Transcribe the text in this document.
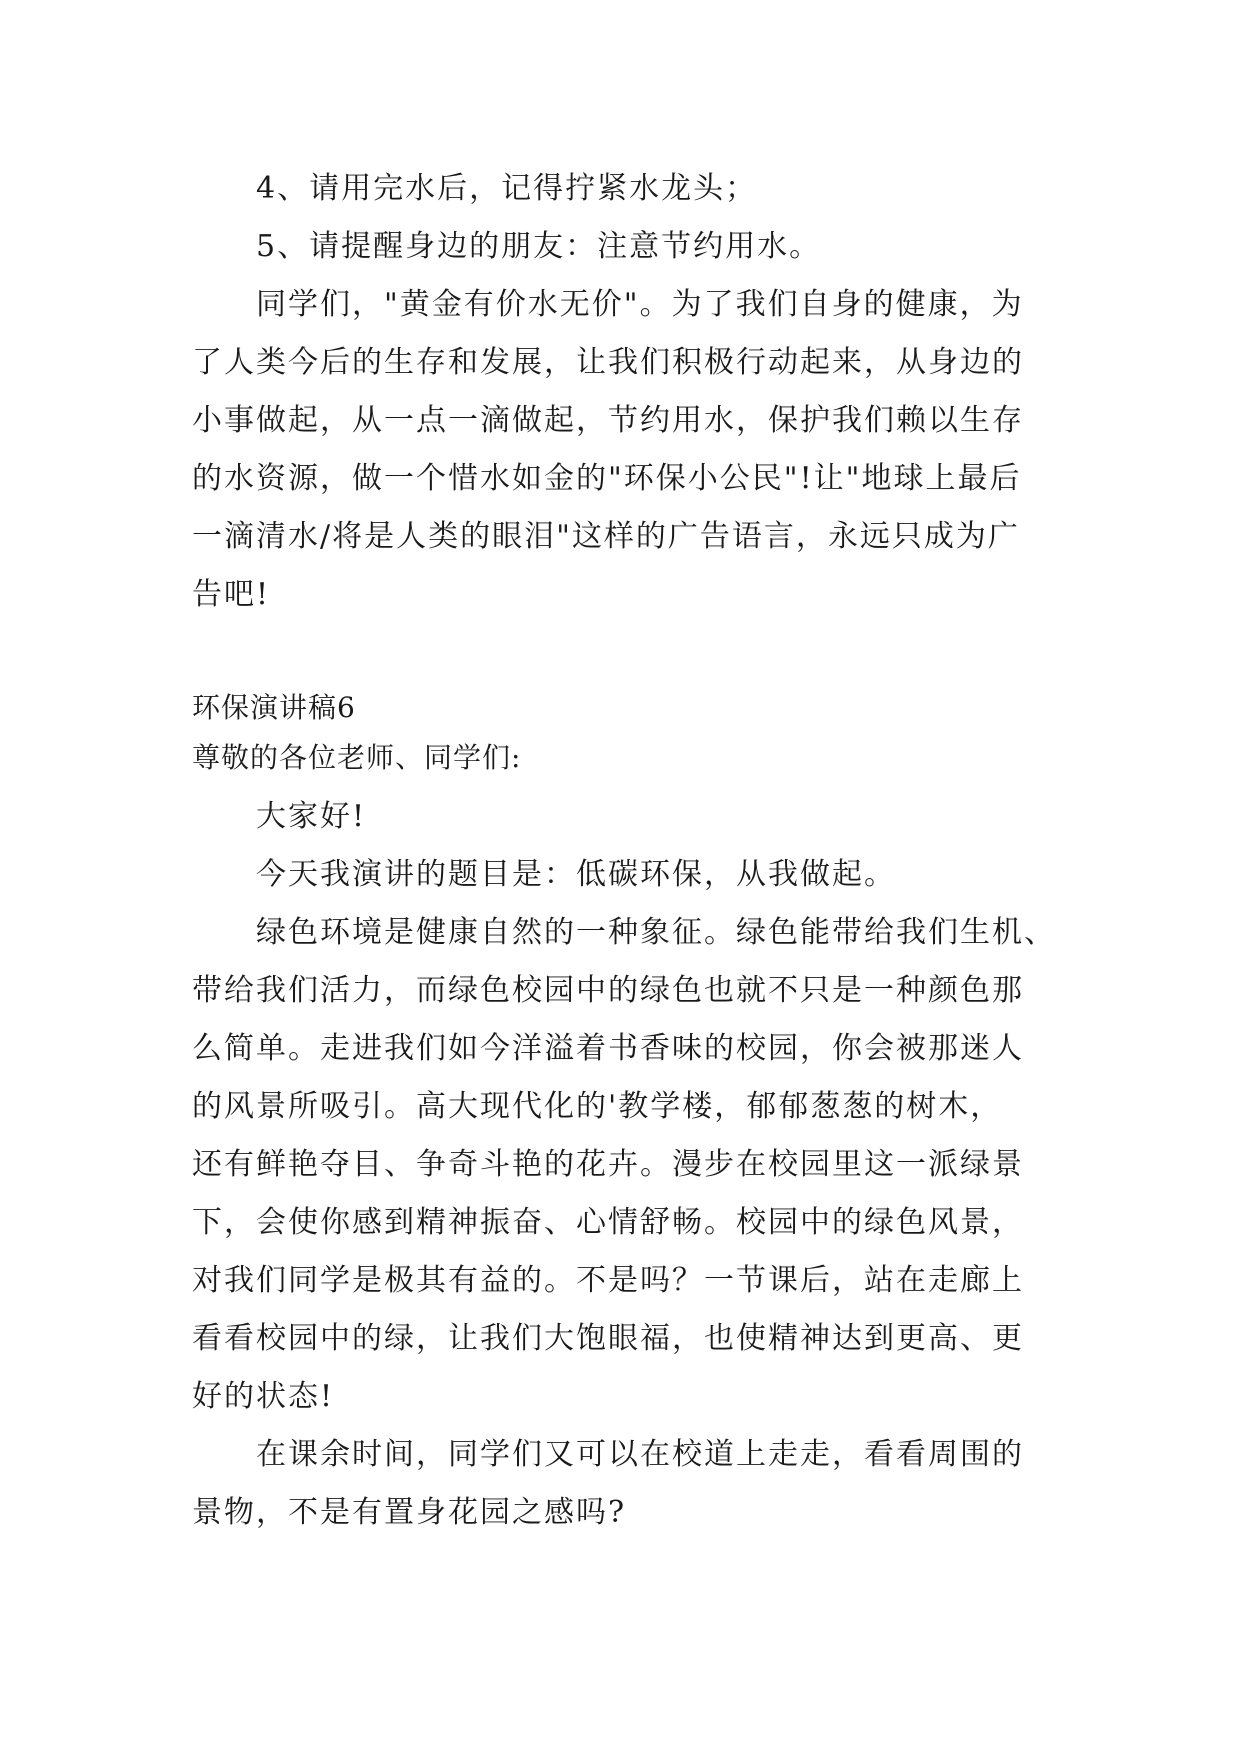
4、请用完水后，记得拧紧水龙头；
5、请提醒身边的朋友：注意节约用水。
同学们，"黄金有价水无价"。为了我们自身的健康，为
了人类今后的生存和发展，让我们积极行动起来，从身边的
小事做起，从一点一滴做起，节约用水，保护我们赖以生存
的水资源，做一个惜水如金的"环保小公民"!让"地球上最后
一滴清水/将是人类的眼泪"这样的广告语言，永远只成为广
告吧!
环保演讲稿6
尊敬的各位老师、同学们:
大家好!
今天我演讲的题目是：低碳环保，从我做起。
绿色环境是健康自然的一种象征。绿色能带给我们生机、
带给我们活力，而绿色校园中的绿色也就不只是一种颜色那
么简单。走进我们如今洋溢着书香味的校园，你会被那迷人
的风景所吸引。高大现代化的'教学楼，郁郁葱葱的树木，
还有鲜艳夺目、争奇斗艳的花卉。漫步在校园里这一派绿景
下，会使你感到精神振奋、心情舒畅。校园中的绿色风景，
对我们同学是极其有益的。不是吗？一节课后，站在走廊上
看看校园中的绿，让我们大饱眼福，也使精神达到更高、更
好的状态!
在课余时间，同学们又可以在校道上走走，看看周围的
景物，不是有置身花园之感吗?
